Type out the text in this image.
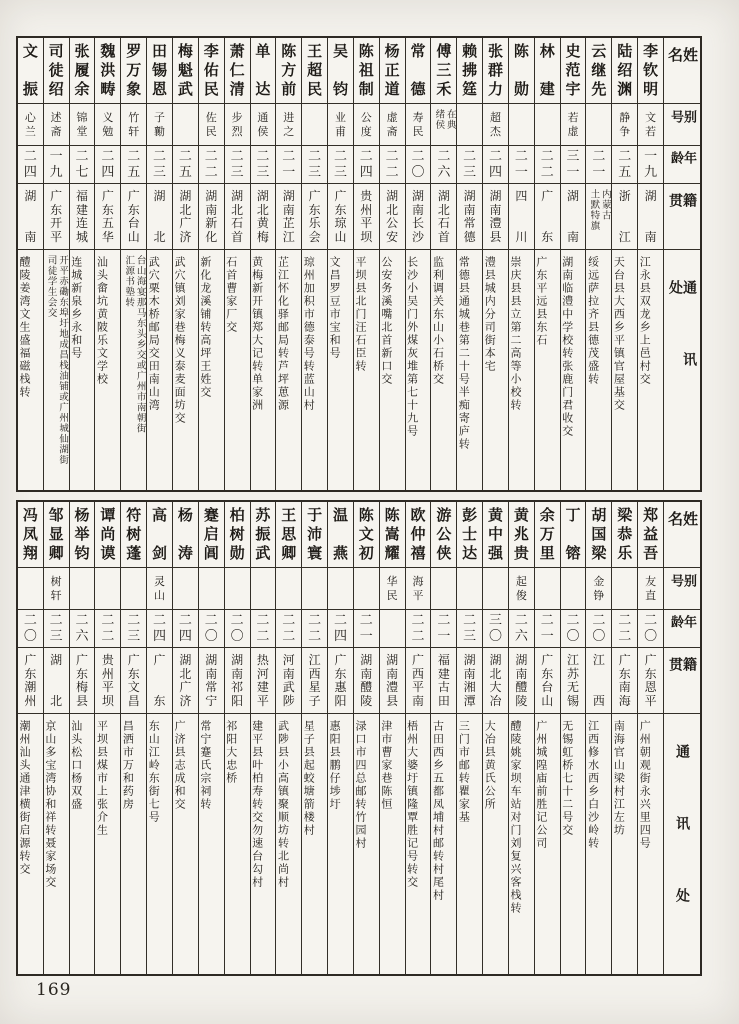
姓名
别号
年龄
籍贯
通讯处
李
钦
明
文
若
一
九
湖
南
江永县双龙乡上邑村交
陆
绍
渊
静
争
二
五
浙
江
天台县大西乡平镇官屋基交
云
继
先
二
一
内蒙古
土默特旗
绥远萨拉齐县德茂盛转
史
范
宇
若
虚
三
一
湖
南
湖南临澧中学校转张鹿门君收交
林
建
二
二
广
东
广东平远县东石
陈
勋
二
一
四
川
崇庆县县立第二高等小校转
张
群
力
超
杰
二
四
湖
南
澧
县
澧县城内分司街本宅
赖
拂
筳
二
三
湖
南
常
德
常德县通城巷第二十号半痴寄庐转
傅
三
禾
在典
绪侯
二
六
湖
北
石
首
监利调关东山小石桥交
常
德
寿
民
二
〇
湖
南
长
沙
长沙小吴门外煤灰堆第七十九号
杨
正
道
虚
斋
二
二
湖
北
公
安
公安务溪嘴北首新口交
陈
祖
制
公
度
二
四
贵
州
平
坝
平坝县北门汪石臣转
吴
钧
业
甫
二
三
广
东
琼
山
文昌罗豆市宝和号
王
超
民
二
三
广
东
乐
会
琼州加积市德泰号转蓝山村
陈
方
前
进
之
二
一
湖
南
芷
江
芷江怀化驿邮局转芦坪葸源
单
达
通
侯
二
三
湖
北
黄
梅
黄梅新开镇郑大记转单家洲
萧
仁
清
步
烈
二
三
湖
北
石
首
石首曹家厂交
李
佑
民
佐
民
二
二
湖
南
新
化
新化龙溪铺转高坪王姓交
梅
魁
武
二
五
湖
北
广
济
武穴镇刘家巷梅义泰麦面坊交
田
锡
恩
子
勷
二
三
湖
北
武穴栗木桥邮局交田南山湾
罗
万
象
竹
轩
二
五
广
东
台
山
台山海宴那马东头乡交或广州市南朝街
汇源书塾转
魏
洪
畴
义
勉
二
四
广
东
五
华
汕头畲坑黄陂乐文学校
张
履
余
锦
堂
二
七
福
建
连
城
连城新泉乡永和号
司
徒
绍
述
斋
一
九
广
东
开
平
开平赤磡东埠圩地成昌栈油铺或广州城仙湖街
司徒学生会交
文
振
心
兰
二
四
湖
南
醴陵姜湾文生盛福磁栈转
姓名
别号
年龄
籍贯
通讯处
郑
益
吾
友
直
二
〇
广
东
恩
平
广州朝观街永兴里四号
梁
恭
乐
二
二
广
东
南
海
南海官山梁村江左坊
胡
国
梁
金
铮
二
〇
江
西
江西修水西乡白沙岭转
丁
镕
二
〇
江
苏
无
锡
无锡虹桥七十二号交
余
万
里
二
一
广
东
台
山
广州城隍庙前胜记公司
黄
兆
贵
起
俊
二
六
湖
南
醴
陵
醴陵姚家坝车站对门刘复兴客栈转
黄
中
强
三
〇
湖
北
大
冶
大冶县黄氏公所
彭
士
达
二
三
湖
南
湘
潭
三门市邮转瞿家基
游
公
侠
二
一
福
建
古
田
古田西乡五都凤埔村邮转村尾村
欧
仲
禧
海
平
二
二
广
西
平
南
梧州大婆圩镇隆覃胜记号转交
陈
嵩
耀
华
民
湖
南
澧
县
津市曹家巷陈恒
陈
文
初
二
一
湖
南
醴
陵
渌口市四总邮转竹园村
温
燕
二
四
广
东
惠
阳
惠阳县鹏仔埗圩
于
沛
寰
二
二
江
西
星
子
星子县起蛟塘箭楼村
王
思
卿
二
二
河
南
武
陟
武陟县小高镇聚顺坊转北尚村
苏
振
武
二
二
热
河
建
平
建平县叶柏寿转交勿速台勾村
柏
树
勋
二
〇
湖
南
祁
阳
祁阳大忠桥
蹇
启
阊
二
〇
湖
南
常
宁
常宁蹇氏宗祠转
杨
涛
二
四
湖
北
广
济
广济县志成和交
高
剑
灵
山
二
四
广
东
东山江岭东街七号
符
树
蓬
二
三
广
东
文
昌
昌洒市万和药房
谭
尚
谟
二
二
贵
州
平
坝
平坝县煤市上张介生
杨
举
钧
二
六
广
东
梅
县
汕头松口杨双盛
邹
显
卿
树
轩
二
三
湖
北
京山多宝湾协和祥转聂家场交
冯
凤
翔
二
〇
广
东
潮
州
潮州汕头通津横街启源转交
169
